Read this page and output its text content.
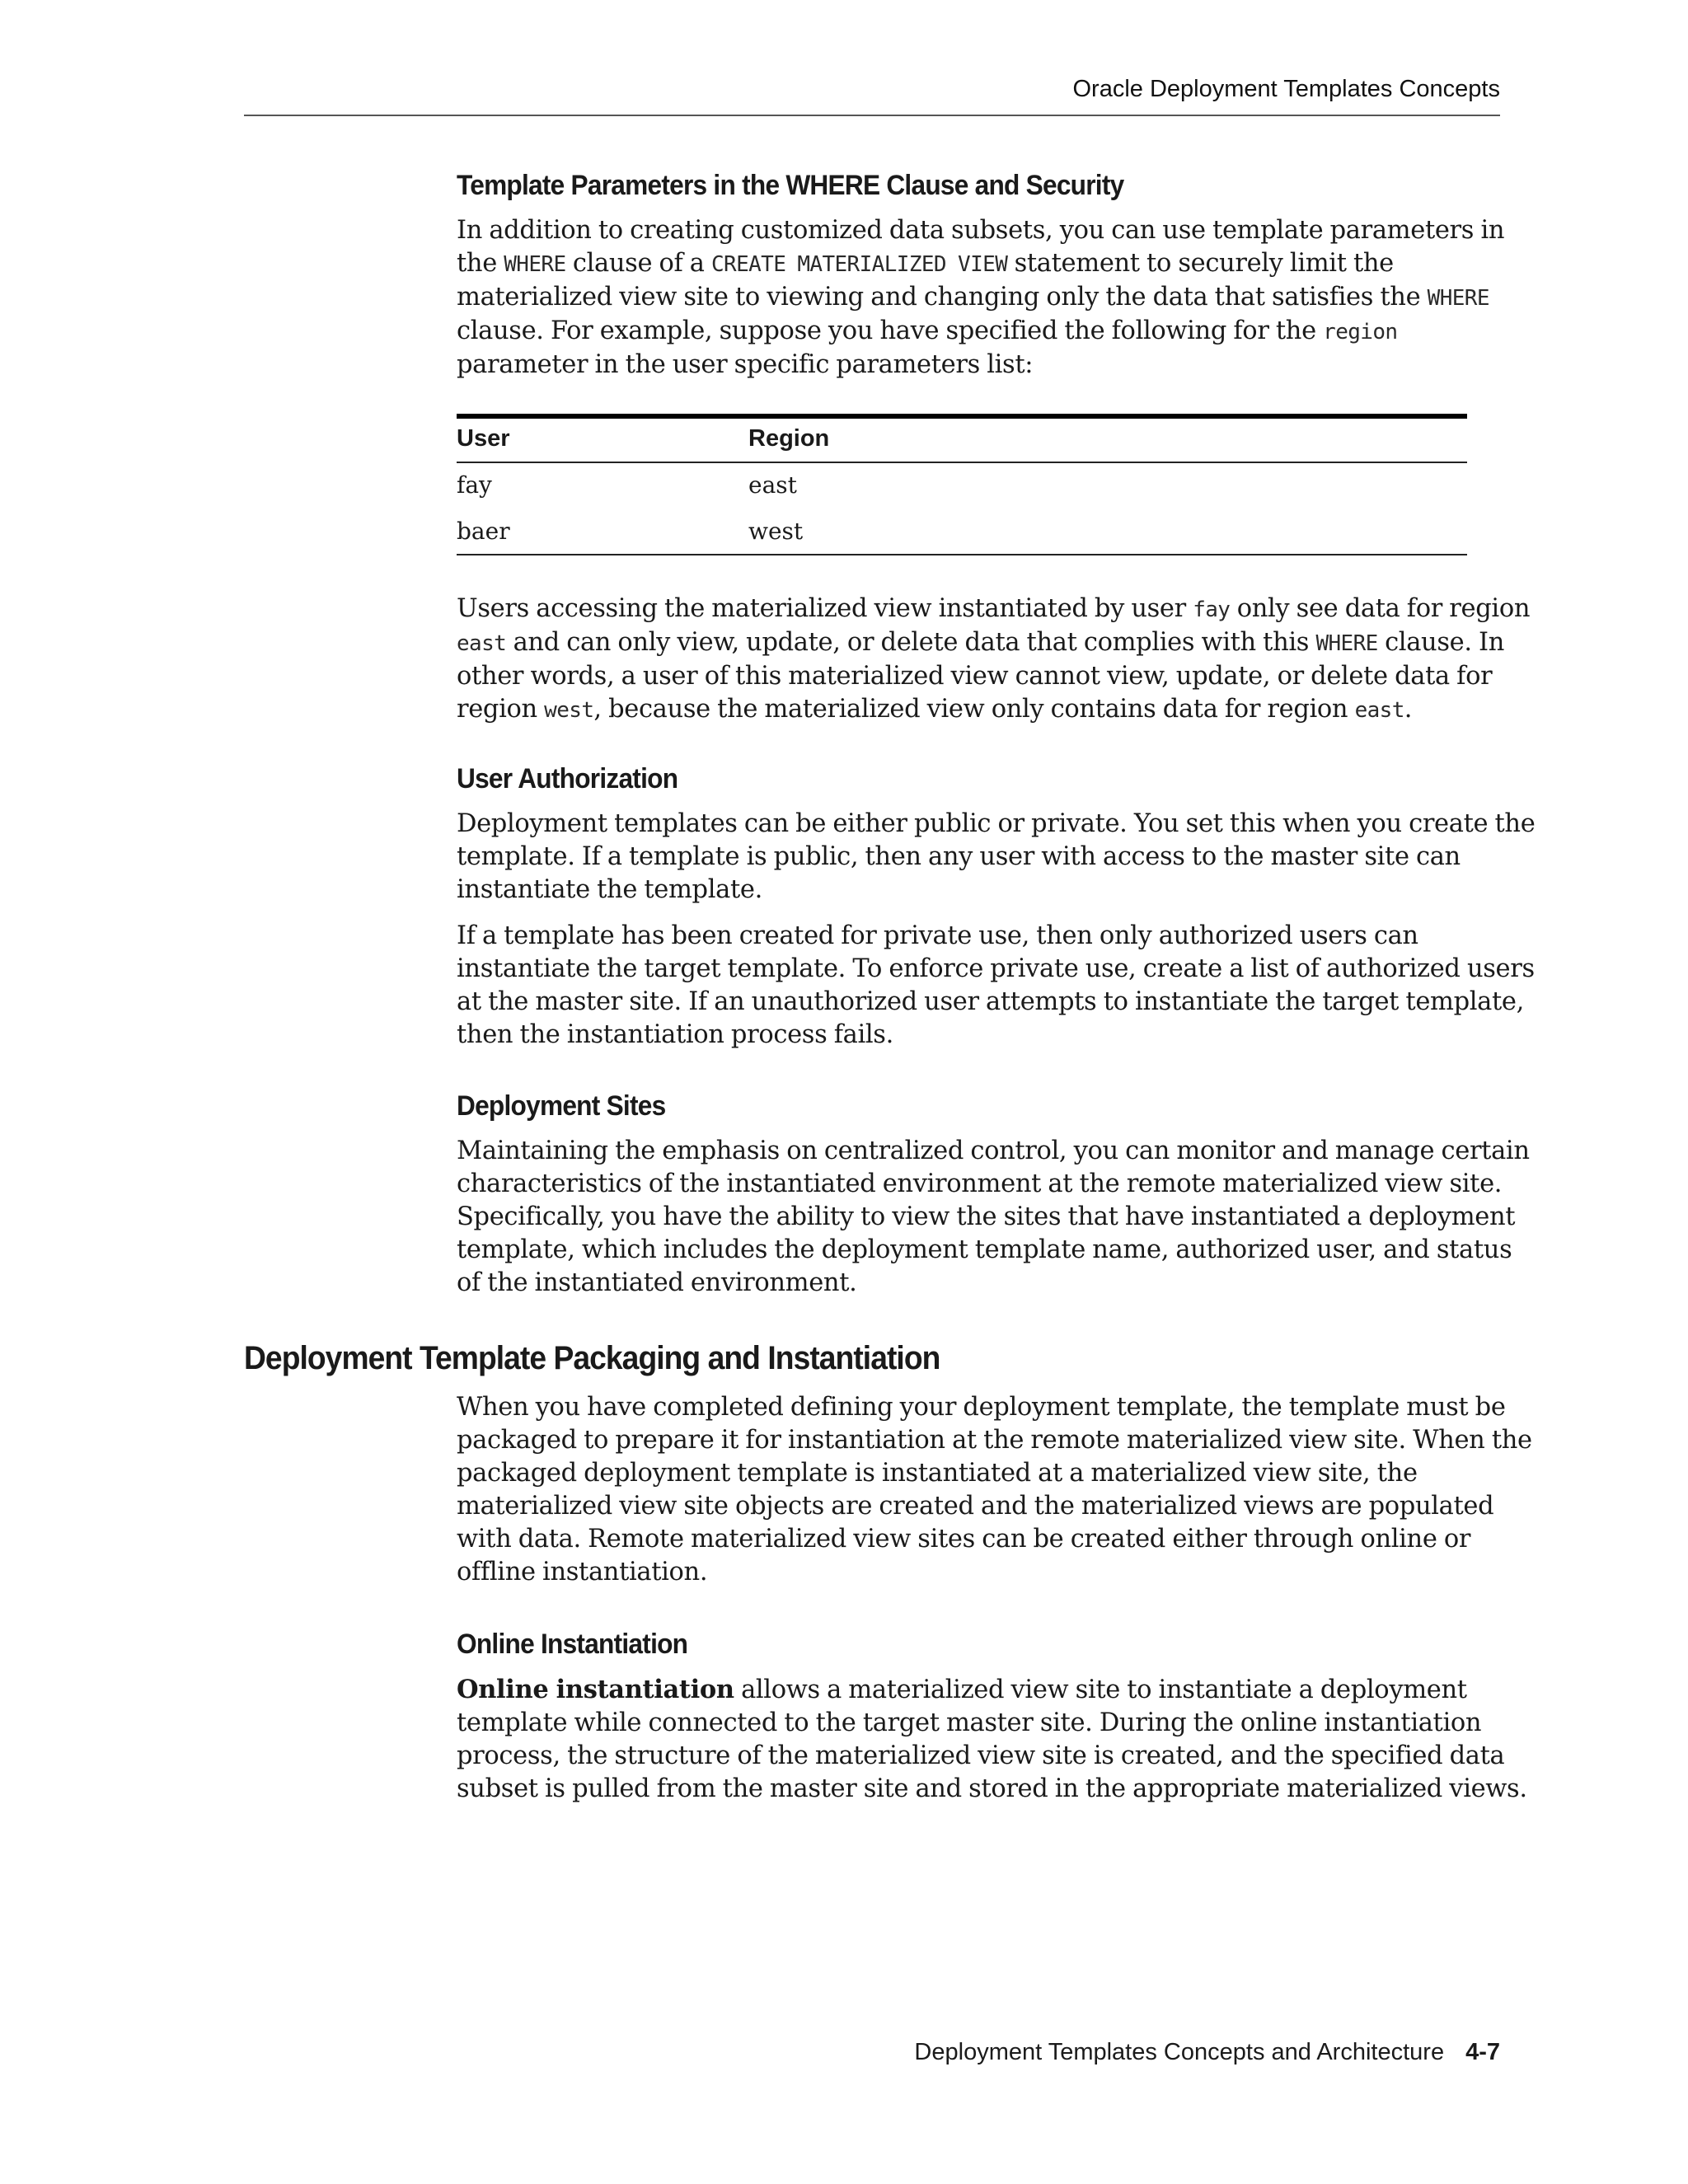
Oracle Deployment Templates Concepts
Template Parameters in the WHERE Clause and Security
In addition to creating customized data subsets, you can use template parameters in
the WHERE clause of a CREATE MATERIALIZED VIEW statement to securely limit the
materialized view site to viewing and changing only the data that satisfies the WHERE
clause. For example, suppose you have specified the following for the region
parameter in the user specific parameters list:
User	Region
fay	east
baer	west
Users accessing the materialized view instantiated by user fay only see data for region
east and can only view, update, or delete data that complies with this WHERE clause. In
other words, a user of this materialized view cannot view, update, or delete data for
region west, because the materialized view only contains data for region east.
User Authorization
Deployment templates can be either public or private. You set this when you create the
template. If a template is public, then any user with access to the master site can
instantiate the template.
If a template has been created for private use, then only authorized users can
instantiate the target template. To enforce private use, create a list of authorized users
at the master site. If an unauthorized user attempts to instantiate the target template,
then the instantiation process fails.
Deployment Sites
Maintaining the emphasis on centralized control, you can monitor and manage certain
characteristics of the instantiated environment at the remote materialized view site.
Specifically, you have the ability to view the sites that have instantiated a deployment
template, which includes the deployment template name, authorized user, and status
of the instantiated environment.
Deployment Template Packaging and Instantiation
When you have completed defining your deployment template, the template must be
packaged to prepare it for instantiation at the remote materialized view site. When the
packaged deployment template is instantiated at a materialized view site, the
materialized view site objects are created and the materialized views are populated
with data. Remote materialized view sites can be created either through online or
offline instantiation.
Online Instantiation
Online instantiation allows a materialized view site to instantiate a deployment
template while connected to the target master site. During the online instantiation
process, the structure of the materialized view site is created, and the specified data
subset is pulled from the master site and stored in the appropriate materialized views.
Deployment Templates Concepts and Architecture 4-7
